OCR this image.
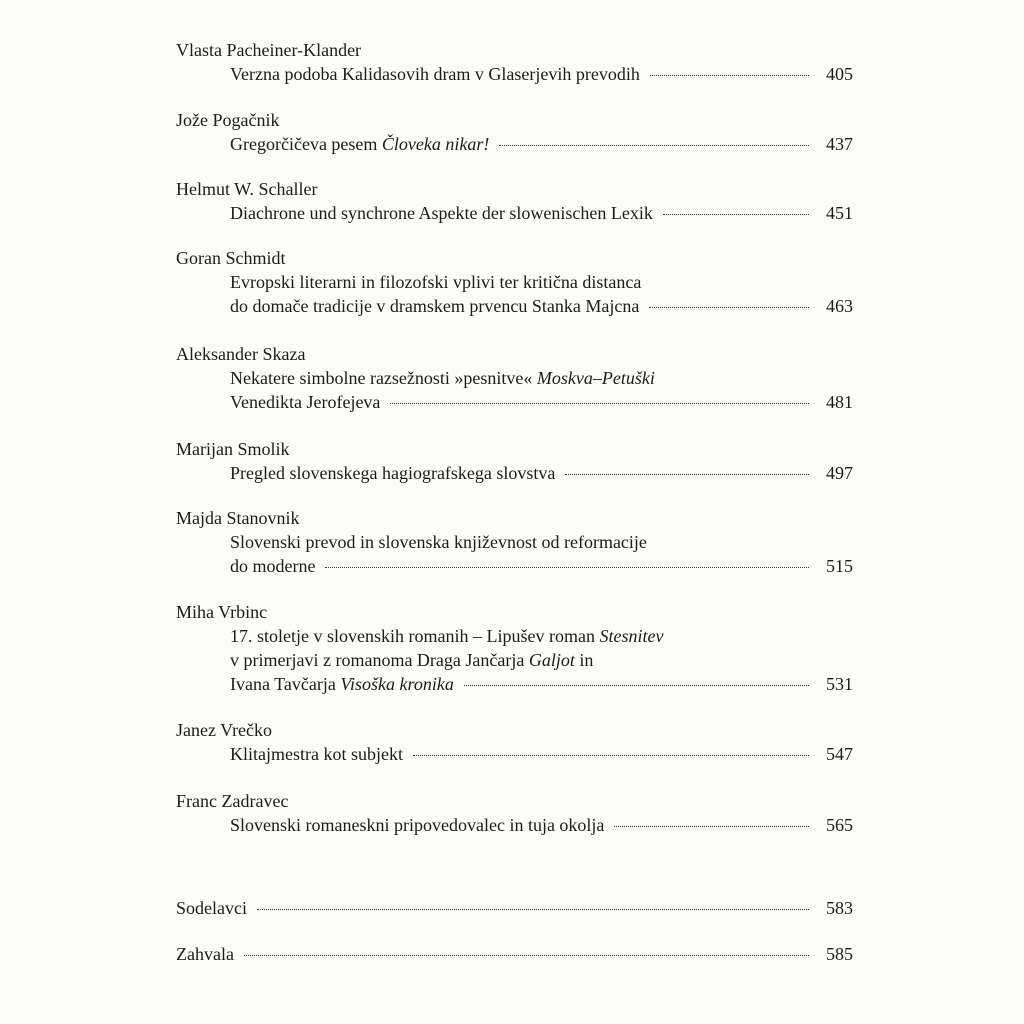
Vlasta Pacheiner-Klander
Verzna podoba Kalidasovih dram v Glaserjevih prevodih	405
Jože Pogačnik
Gregorčičeva pesem Človeka nikar!	437
Helmut W. Schaller
Diachrone und synchrone Aspekte der slowenischen Lexik	451
Goran Schmidt
Evropski literarni in filozofski vplivi ter kritična distanca
do domače tradicije v dramskem prvencu Stanka Majcna	463
Aleksander Skaza
Nekatere simbolne razsežnosti »pesnitve« Moskva–Petuški
Venedikta Jerofejeva	481
Marijan Smolik
Pregled slovenskega hagiografskega slovstva	497
Majda Stanovnik
Slovenski prevod in slovenska književnost od reformacije
do moderne	515
Miha Vrbinc
17. stoletje v slovenskih romanih – Lipušev roman Stesnitev
v primerjavi z romanoma Draga Jančarja Galjot in
Ivana Tavčarja Visoška kronika	531
Janez Vrečko
Klitajmestra kot subjekt	547
Franc Zadravec
Slovenski romaneskni pripovedovalec in tuja okolja	565
Sodelavci	583
Zahvala	585
